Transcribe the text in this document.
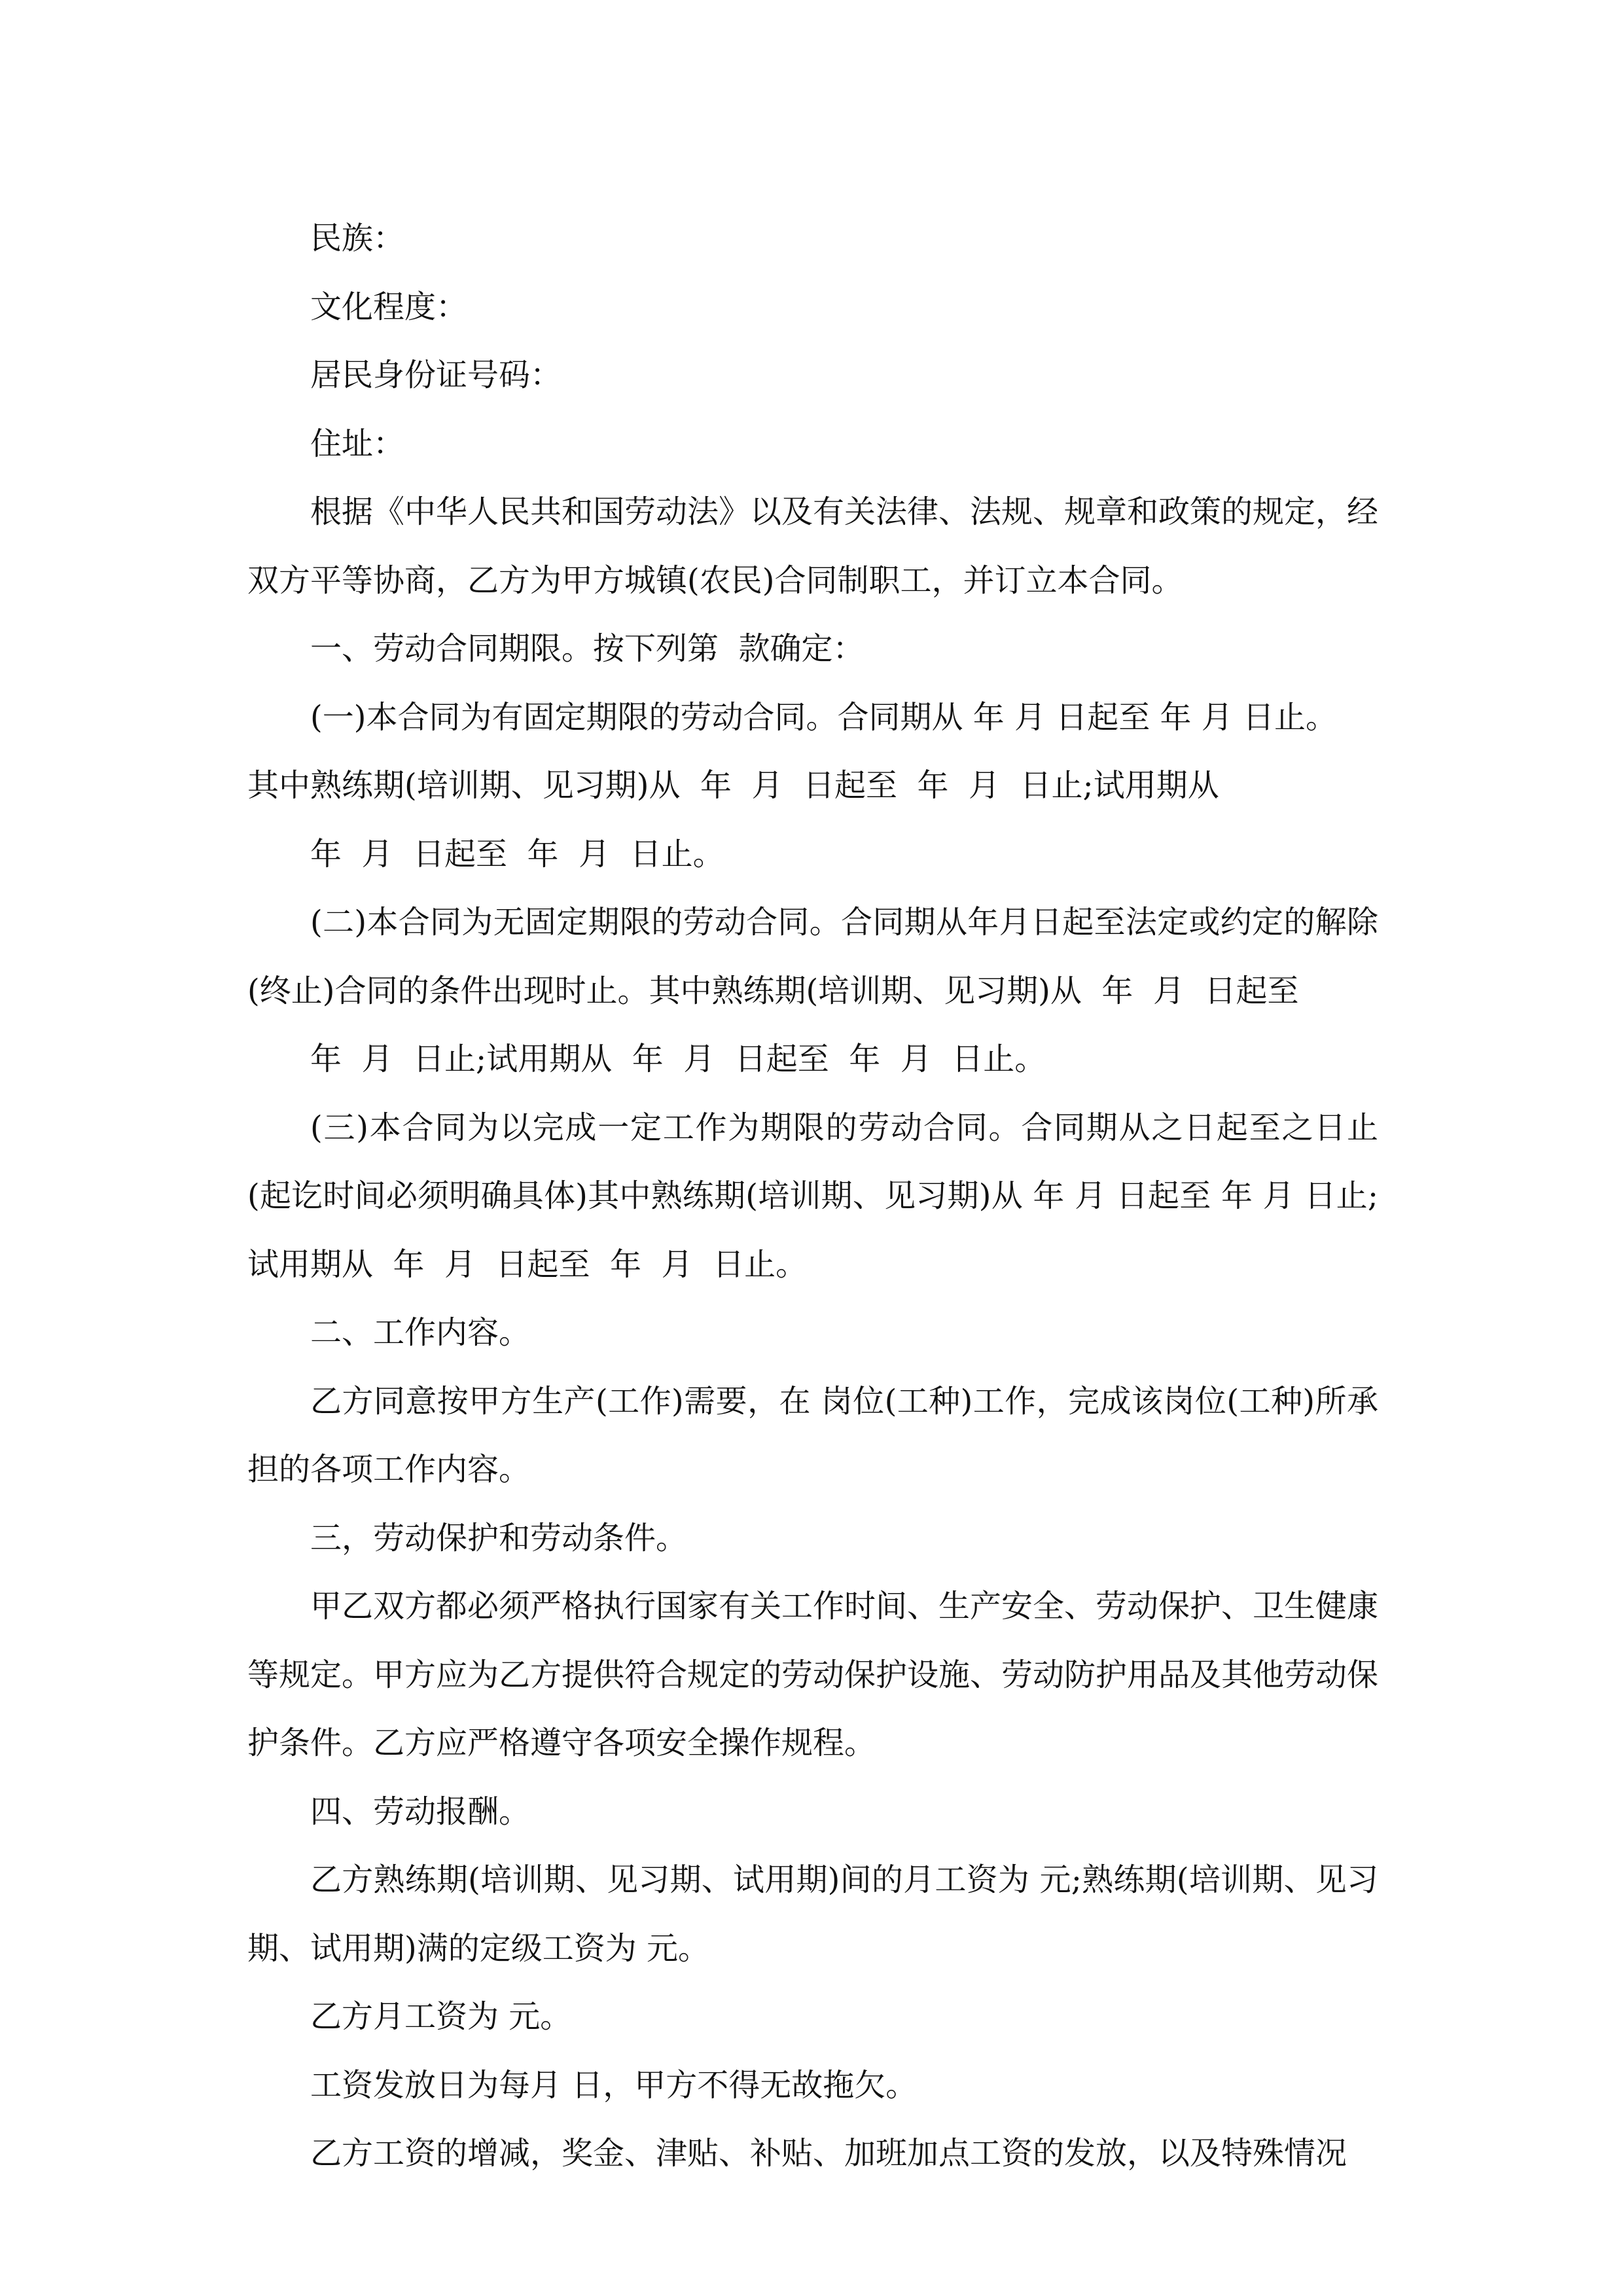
民族：

文化程度：

居民身份证号码：

住址：

根据《中华人民共和国劳动法》以及有关法律、法规、规章和政策的规定，经双方平等协商，乙方为甲方城镇(农民)合同制职工，并订立本合同。

一、劳动合同期限。按下列第  款确定：

(一)本合同为有固定期限的劳动合同。合同期从 年 月 日起至 年 月 日止。

其中熟练期(培训期、见习期)从  年  月  日起至  年  月  日止;试用期从

年  月  日起至  年  月  日止。

(二)本合同为无固定期限的劳动合同。合同期从年月日起至法定或约定的解除(终止)合同的条件出现时止。其中熟练期(培训期、见习期)从  年  月  日起至

年  月  日止;试用期从  年  月  日起至  年  月  日止。

(三)本合同为以完成一定工作为期限的劳动合同。合同期从之日起至之日止(起讫时间必须明确具体)其中熟练期(培训期、见习期)从 年 月 日起至 年 月 日止;试用期从  年  月  日起至  年  月  日止。

二、工作内容。

乙方同意按甲方生产(工作)需要，在 岗位(工种)工作，完成该岗位(工种)所承担的各项工作内容。

三，劳动保护和劳动条件。

甲乙双方都必须严格执行国家有关工作时间、生产安全、劳动保护、卫生健康等规定。甲方应为乙方提供符合规定的劳动保护设施、劳动防护用品及其他劳动保护条件。乙方应严格遵守各项安全操作规程。

四、劳动报酬。

乙方熟练期(培训期、见习期、试用期)间的月工资为 元;熟练期(培训期、见习期、试用期)满的定级工资为 元。

乙方月工资为 元。

工资发放日为每月 日，甲方不得无故拖欠。

乙方工资的增减，奖金、津贴、补贴、加班加点工资的发放，以及特殊情况
